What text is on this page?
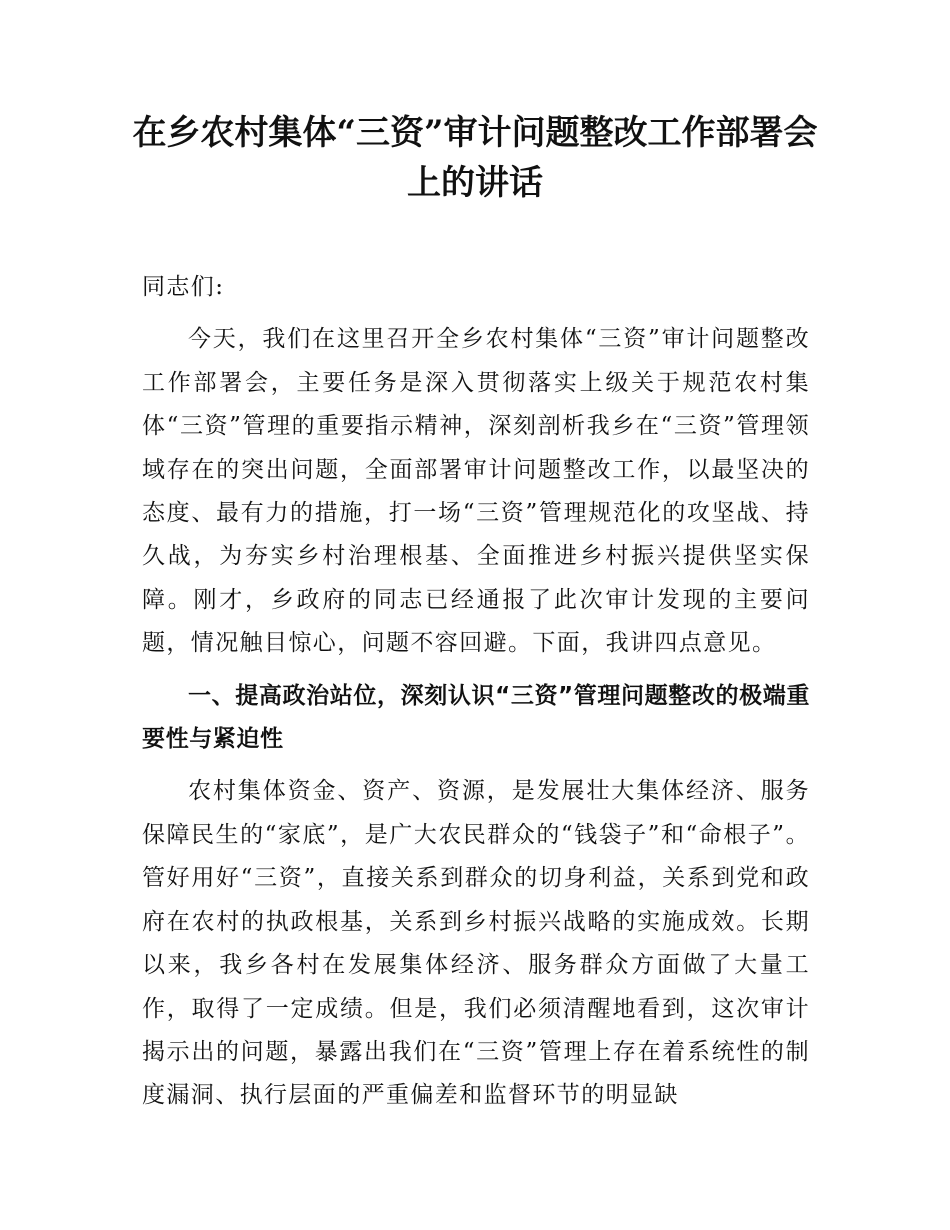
在乡农村集体“三资”审计问题整改工作部署会上的讲话

同志们:

今天，我们在这里召开全乡农村集体“三资”审计问题整改工作部署会，主要任务是深入贯彻落实上级关于规范农村集体“三资”管理的重要指示精神，深刻剖析我乡在“三资”管理领域存在的突出问题，全面部署审计问题整改工作，以最坚决的态度、最有力的措施，打一场“三资”管理规范化的攻坚战、持久战，为夯实乡村治理根基、全面推进乡村振兴提供坚实保障。刚才，乡政府的同志已经通报了此次审计发现的主要问题，情况触目惊心，问题不容回避。下面，我讲四点意见。

一、提高政治站位，深刻认识“三资”管理问题整改的极端重要性与紧迫性

农村集体资金、资产、资源，是发展壮大集体经济、服务保障民生的“家底”，是广大农民群众的“钱袋子”和“命根子”。管好用好“三资”，直接关系到群众的切身利益，关系到党和政府在农村的执政根基，关系到乡村振兴战略的实施成效。长期以来，我乡各村在发展集体经济、服务群众方面做了大量工作，取得了一定成绩。但是，我们必须清醒地看到，这次审计揭示出的问题，暴露出我们在“三资”管理上存在着系统性的制度漏洞、执行层面的严重偏差和监督环节的明显缺
